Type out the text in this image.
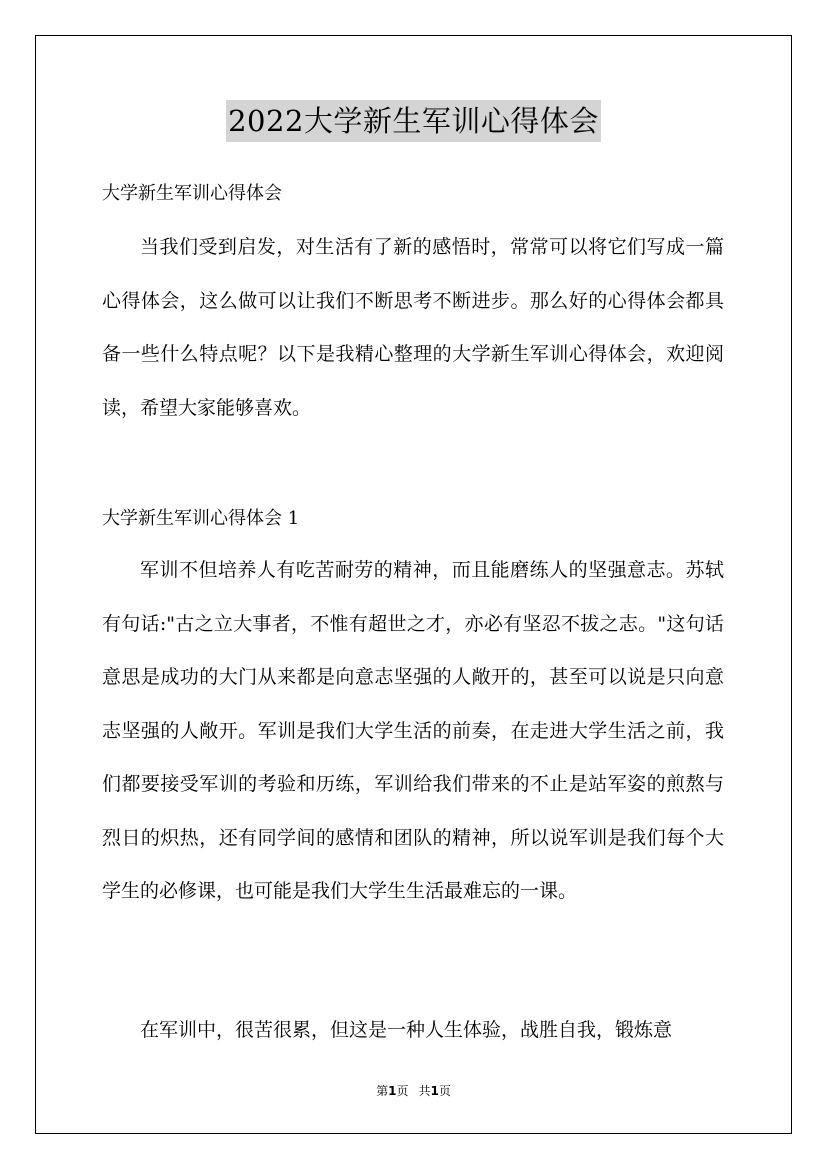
2022大学新生军训心得体会
大学新生军训心得体会

当我们受到启发，对生活有了新的感悟时，常常可以将它们写成一篇心得体会，这么做可以让我们不断思考不断进步。那么好的心得体会都具备一些什么特点呢？以下是我精心整理的大学新生军训心得体会，欢迎阅读，希望大家能够喜欢。

大学新生军训心得体会 1

军训不但培养人有吃苦耐劳的精神，而且能磨练人的坚强意志。苏轼有句话:"古之立大事者，不惟有超世之才，亦必有坚忍不拔之志。"这句话意思是成功的大门从来都是向意志坚强的人敞开的，甚至可以说是只向意志坚强的人敞开。军训是我们大学生活的前奏，在走进大学生活之前，我们都要接受军训的考验和历练，军训给我们带来的不止是站军姿的煎熬与烈日的炽热，还有同学间的感情和团队的精神，所以说军训是我们每个大学生的必修课，也可能是我们大学生生活最难忘的一课。

在军训中，很苦很累，但这是一种人生体验，战胜自我，锻炼意

第1页 共1页
